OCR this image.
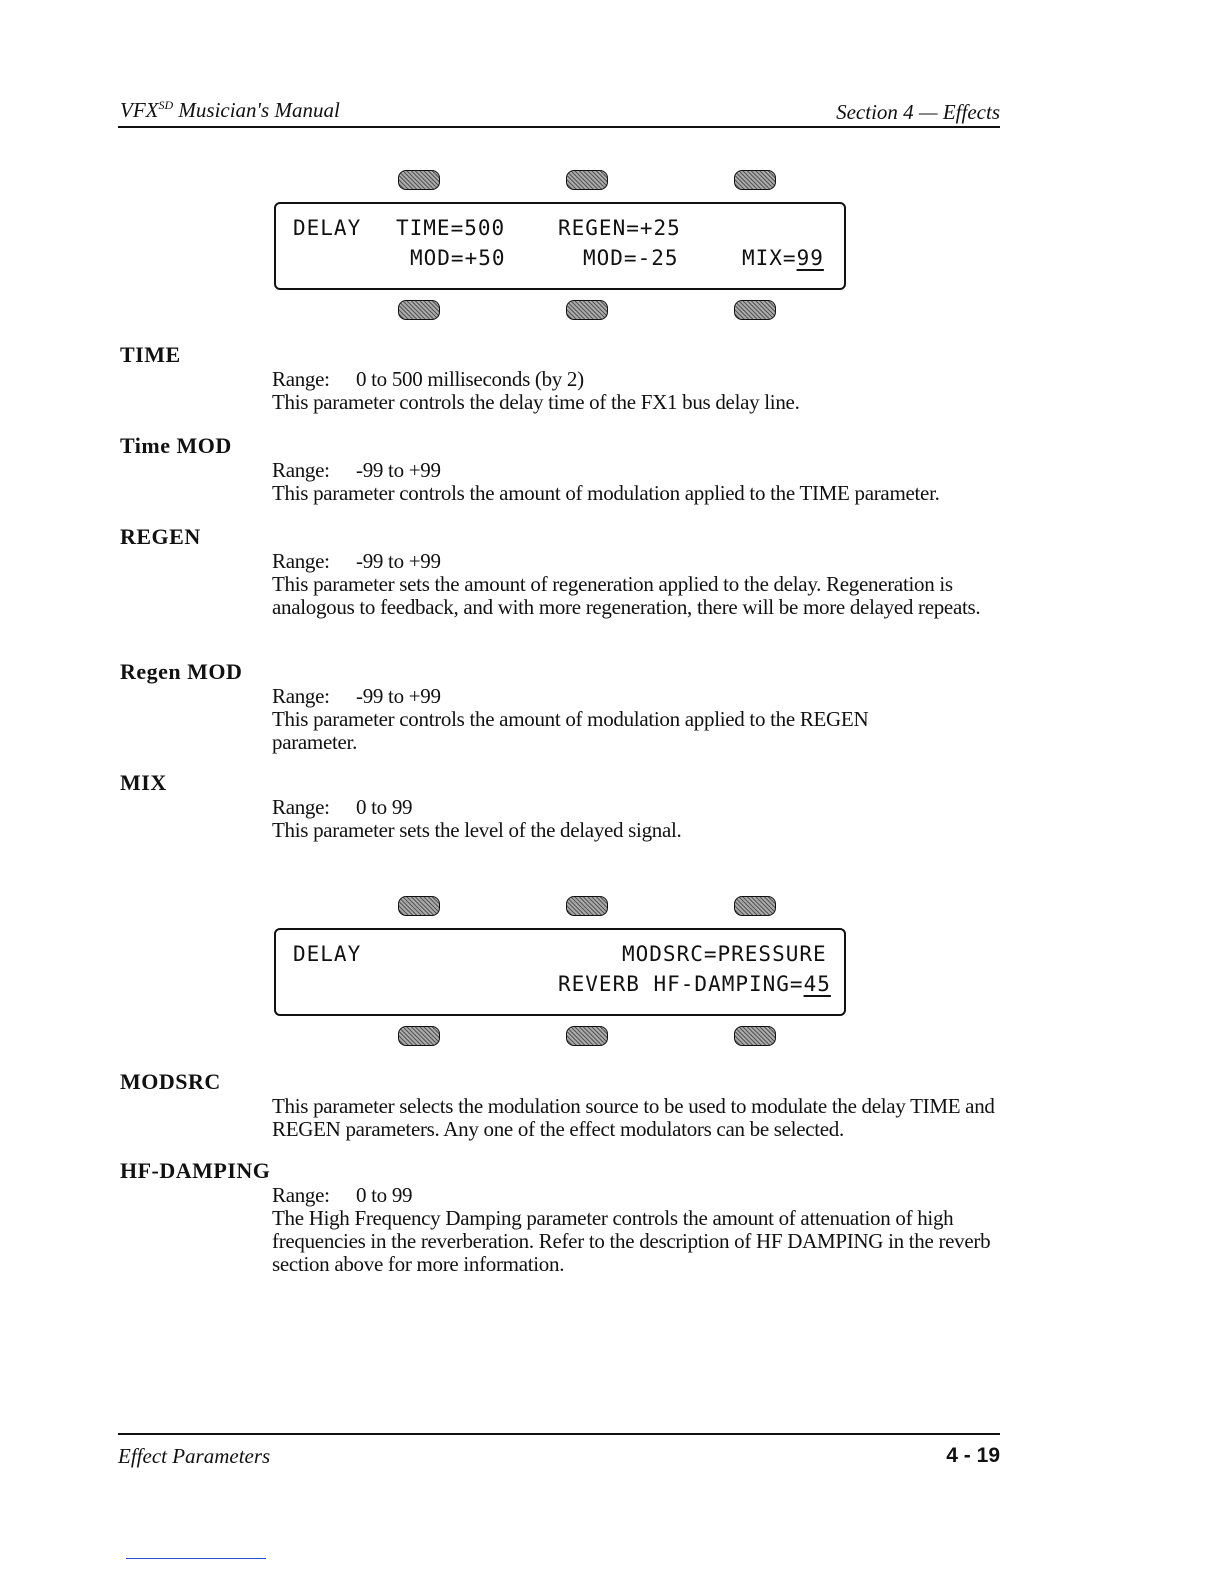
$VFX^{SD}$ Musician's Manual	Section 4 — Effects
DELAY TIME=500	REGEN=+25
MOD=+50	MOD=-25	MIX=99
TIME
Range: 0 to 500 milliseconds (by 2)
This parameter controls the delay time of the FX1 bus delay line.
Time MOD
Range: -99 to +99
This parameter controls the amount of modulation applied to the TIME parameter.
REGEN
Range: -99 to +99
This parameter sets the amount of regeneration applied to the delay. Regeneration is analogous to feedback, and with more regeneration, there will be more delayed repeats.
Regen MOD
Range: -99 to +99
This parameter controls the amount of modulation applied to the REGEN parameter.
MIX
Range: 0 to 99
This parameter sets the level of the delayed signal.
DELAY	MODSRC=PRESSURE
REVERB HF-DAMPING=45
MODSRC
This parameter selects the modulation source to be used to modulate the delay TIME and REGEN parameters. Any one of the effect modulators can be selected.
HF-DAMPING
Range: 0 to 99
The High Frequency Damping parameter controls the amount of attenuation of high frequencies in the reverberation. Refer to the description of HF DAMPING in the reverb section above for more information.
Effect Parameters	4 - 19
